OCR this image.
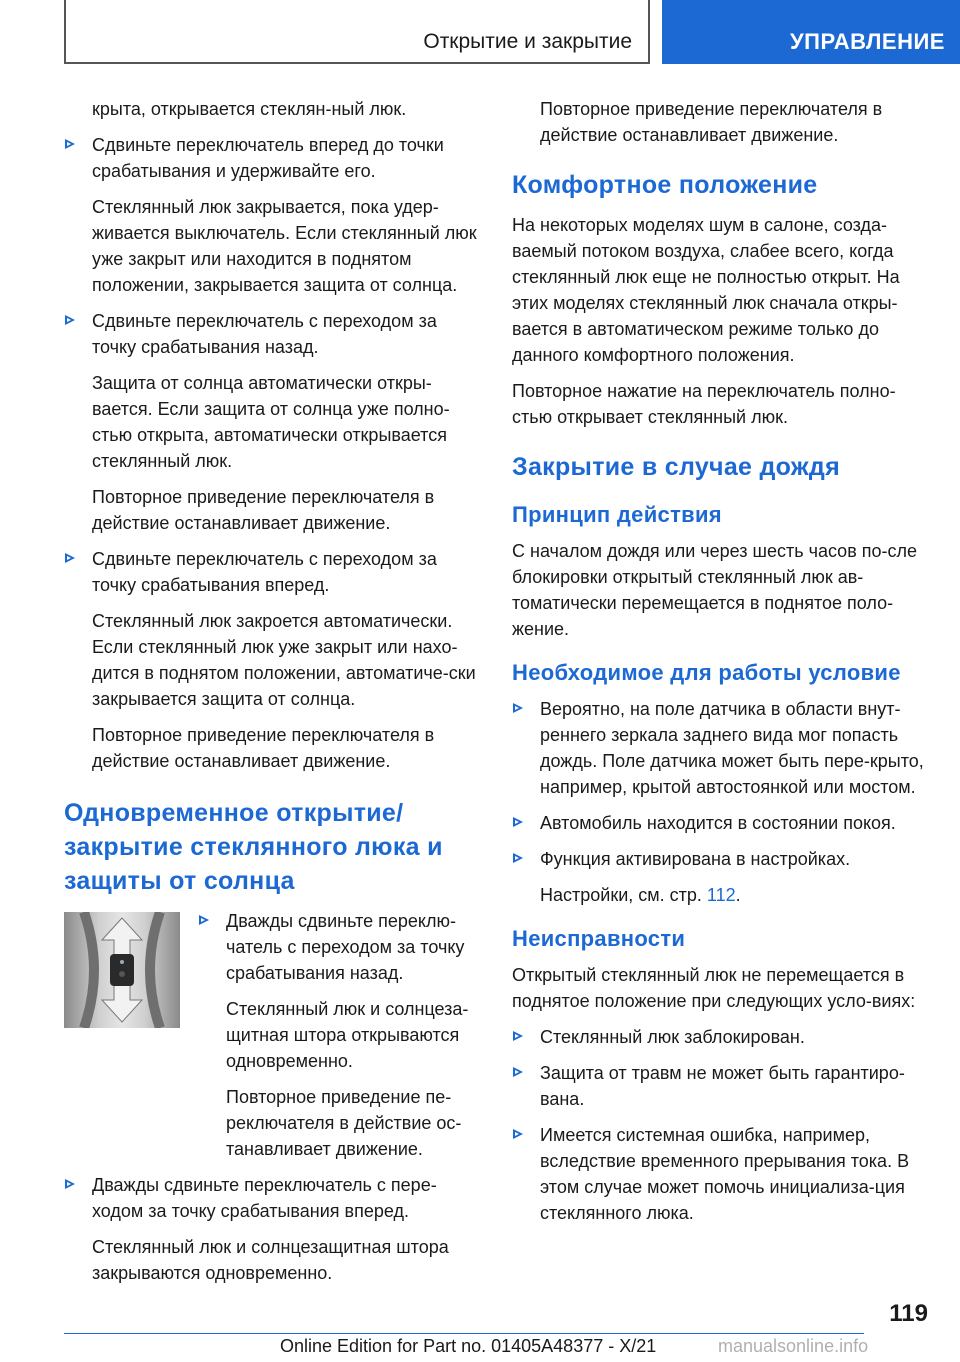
Открытие и закрытие	УПРАВЛЕНИЕ

крыта, открывается стеклян-ный люк.

Сдвиньте переключатель вперед до точки срабатывания и удерживайте его.

Стеклянный люк закрывается, пока удер-живается выключатель. Если стеклянный люк уже закрыт или находится в поднятом положении, закрывается защита от солнца.

Сдвиньте переключатель с переходом за точку срабатывания назад.

Защита от солнца автоматически откры-вается. Если защита от солнца уже полно-стью открыта, автоматически открывается стеклянный люк.

Повторное приведение переключателя в действие останавливает движение.

Сдвиньте переключатель с переходом за точку срабатывания вперед.

Стеклянный люк закроется автоматически. Если стеклянный люк уже закрыт или нахо-дится в поднятом положении, автоматиче-ски закрывается защита от солнца.

Повторное приведение переключателя в действие останавливает движение.

Одновременное открытие/ закрытие стеклянного люка и защиты от солнца
Дважды сдвиньте переклю-чатель с переходом за точку срабатывания назад.

Стеклянный люк и солнцеза-щитная штора открываются одновременно.

Повторное приведение пе-реключателя в действие ос-танавливает движение.

Дважды сдвиньте переключатель с пере-ходом за точку срабатывания вперед.

Стеклянный люк и солнцезащитная штора закрываются одновременно.

Повторное приведение переключателя в действие останавливает движение.

Комфортное положение

На некоторых моделях шум в салоне, созда-ваемый потоком воздуха, слабее всего, когда стеклянный люк еще не полностью открыт. На этих моделях стеклянный люк сначала откры-вается в автоматическом режиме только до данного комфортного положения.

Повторное нажатие на переключатель полно-стью открывает стеклянный люк.

Закрытие в случае дождя
Принцип действия

С началом дождя или через шесть часов по-сле блокировки открытый стеклянный люк ав-томатически перемещается в поднятое поло-жение.

Необходимое для работы условие
Вероятно, на поле датчика в области внут-реннего зеркала заднего вида мог попасть дождь. Поле датчика может быть пере-крыто, например, крытой автостоянкой или мостом.
Автомобиль находится в состоянии покоя.
Функция активирована в настройках.

Настройки, см. стр. 112.

Неисправности

Открытый стеклянный люк не перемещается в поднятое положение при следующих усло-виях:

Стеклянный люк заблокирован.
Защита от травм не может быть гарантиро-вана.
Имеется системная ошибка, например, вследствие временного прерывания тока. В этом случае может помочь инициализа-ция стеклянного люка.
119
Online Edition for Part no. 01405A48377 - X/21	manualsonline.info
